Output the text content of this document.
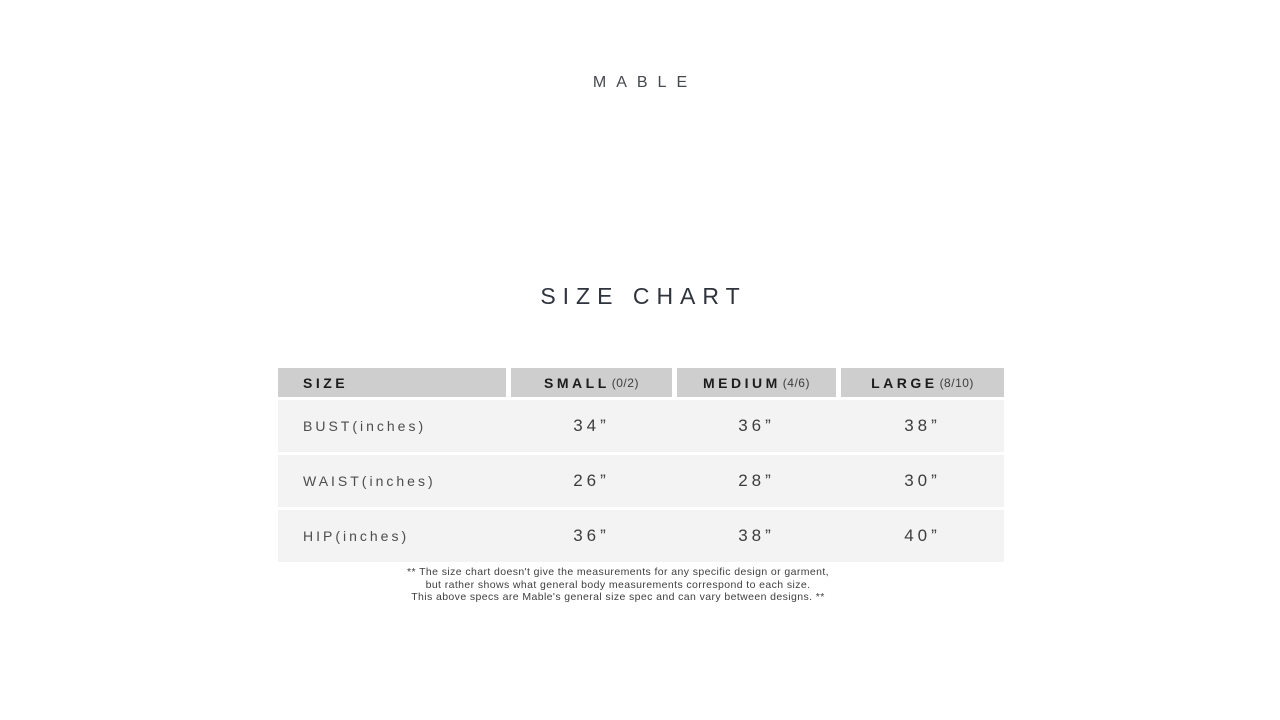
MABLE
SIZE CHART
SIZE	SMALL (0/2)	MEDIUM (4/6)	LARGE (8/10)
BUST(inches)	34”	36”	38”
WAIST(inches)	26”	28”	30”
HIP(inches)	36”	38”	40”
** The size chart doesn't give the measurements for any specific design or garment,
but rather shows what general body measurements correspond to each size.
This above specs are Mable's general size spec and can vary between designs. **
